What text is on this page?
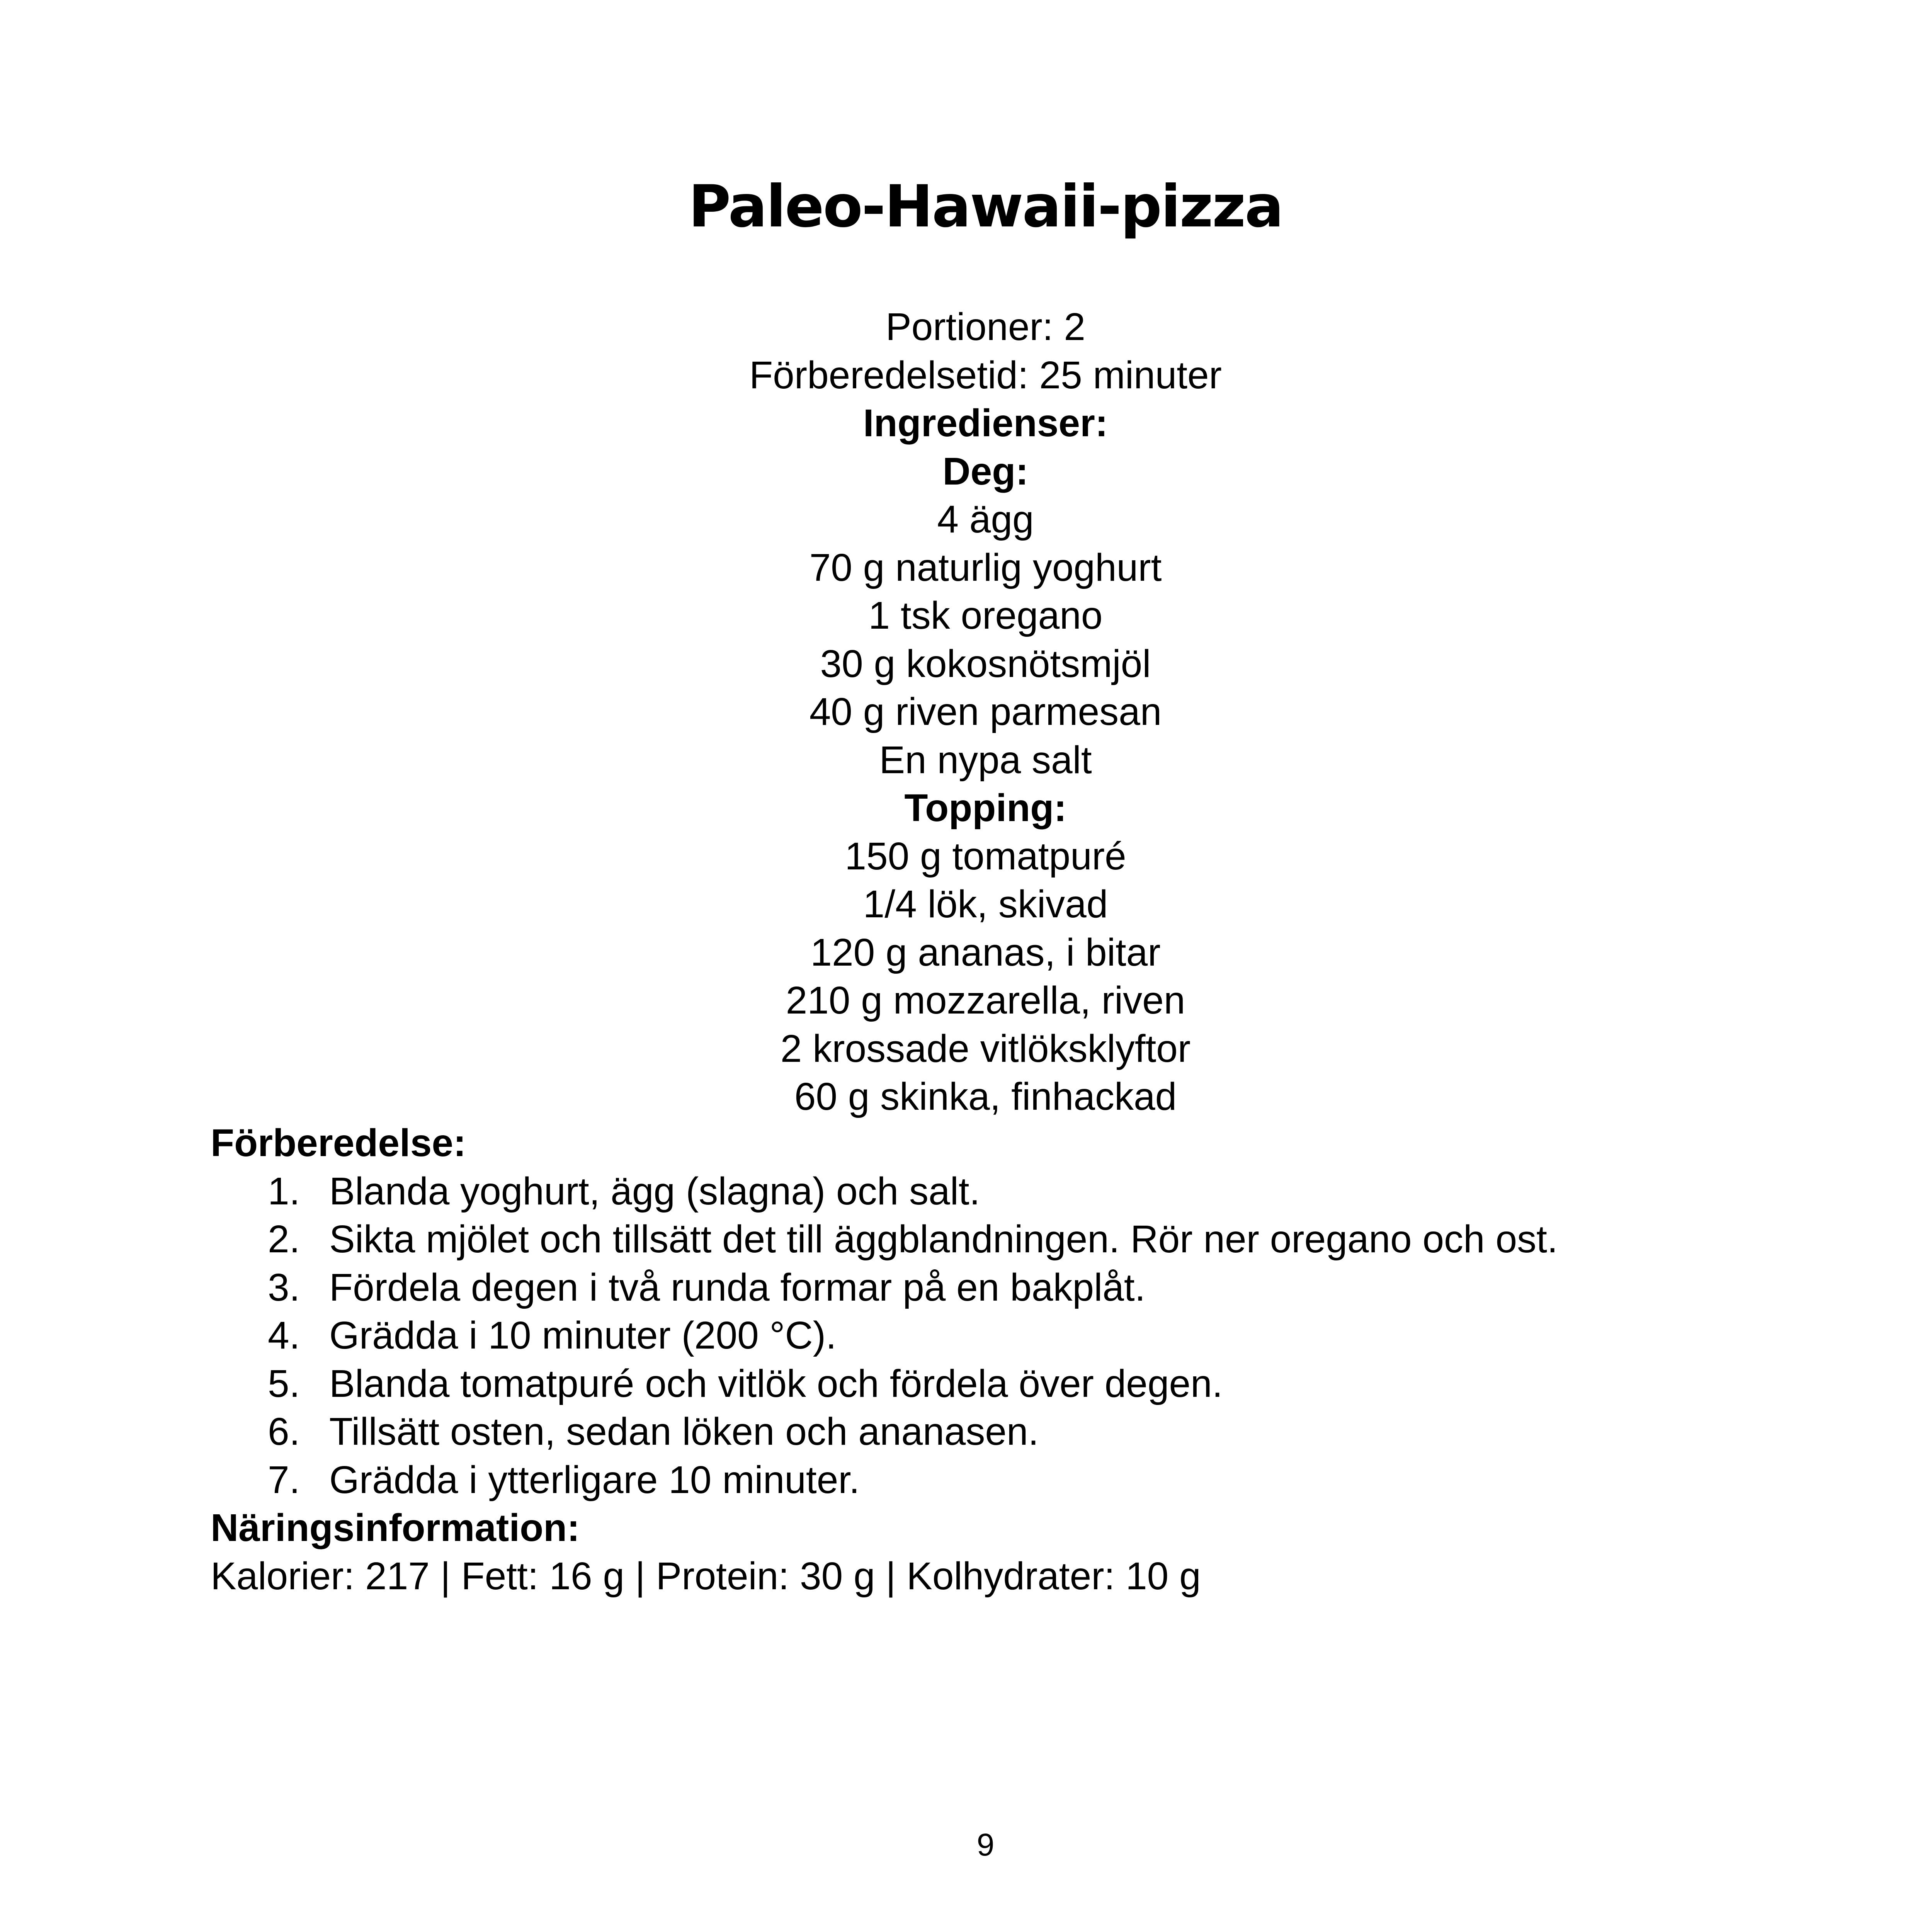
Paleo-Hawaii-pizza
Portioner: 2
Förberedelsetid: 25 minuter
Ingredienser:
Deg:
4 ägg
70 g naturlig yoghurt
1 tsk oregano
30 g kokosnötsmjöl
40 g riven parmesan
En nypa salt
Topping:
150 g tomatpuré
1/4 lök, skivad
120 g ananas, i bitar
210 g mozzarella, riven
2 krossade vitlöksklyftor
60 g skinka, finhackad
Förberedelse:
1. Blanda yoghurt, ägg (slagna) och salt.
2. Sikta mjölet och tillsätt det till äggblandningen. Rör ner oregano och ost.
3. Fördela degen i två runda formar på en bakplåt.
4. Grädda i 10 minuter (200 °C).
5. Blanda tomatpuré och vitlök och fördela över degen.
6. Tillsätt osten, sedan löken och ananasen.
7. Grädda i ytterligare 10 minuter.
Näringsinformation:
Kalorier: 217 | Fett: 16 g | Protein: 30 g | Kolhydrater: 10 g
9
